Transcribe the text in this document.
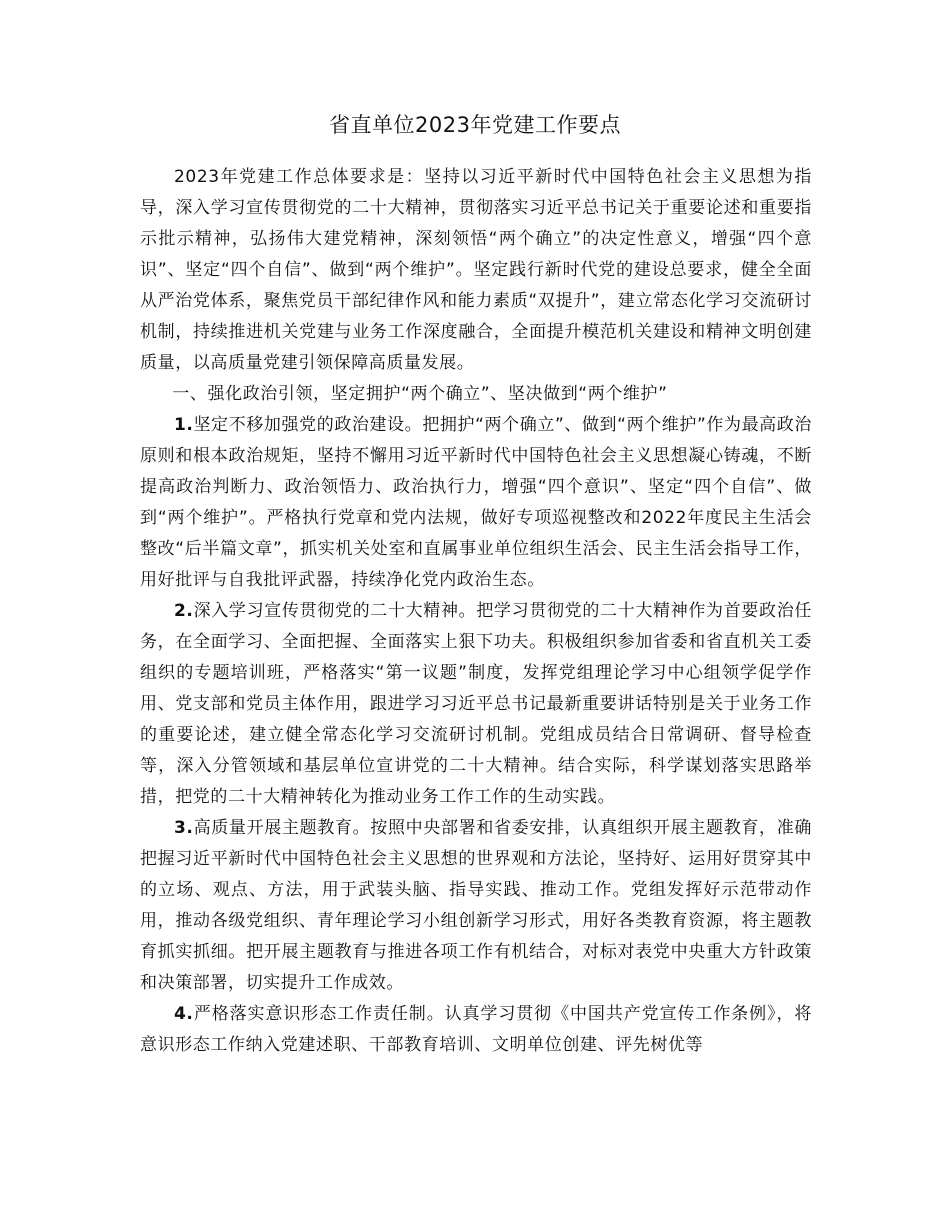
省直单位2023年党建工作要点

2023年党建工作总体要求是：坚持以习近平新时代中国特色社会主义思想为指导，深入学习宣传贯彻党的二十大精神，贯彻落实习近平总书记关于重要论述和重要指示批示精神，弘扬伟大建党精神，深刻领悟“两个确立”的决定性意义，增强“四个意识”、坚定“四个自信”、做到“两个维护”。坚定践行新时代党的建设总要求，健全全面从严治党体系，聚焦党员干部纪律作风和能力素质“双提升”，建立常态化学习交流研讨机制，持续推进机关党建与业务工作深度融合，全面提升模范机关建设和精神文明创建质量，以高质量党建引领保障高质量发展。

一、强化政治引领，坚定拥护“两个确立”、坚决做到“两个维护”

1.坚定不移加强党的政治建设。把拥护“两个确立”、做到“两个维护”作为最高政治原则和根本政治规矩，坚持不懈用习近平新时代中国特色社会主义思想凝心铸魂，不断提高政治判断力、政治领悟力、政治执行力，增强“四个意识”、坚定“四个自信”、做到“两个维护”。严格执行党章和党内法规，做好专项巡视整改和2022年度民主生活会整改“后半篇文章”，抓实机关处室和直属事业单位组织生活会、民主生活会指导工作，用好批评与自我批评武器，持续净化党内政治生态。

2.深入学习宣传贯彻党的二十大精神。把学习贯彻党的二十大精神作为首要政治任务，在全面学习、全面把握、全面落实上狠下功夫。积极组织参加省委和省直机关工委组织的专题培训班，严格落实“第一议题”制度，发挥党组理论学习中心组领学促学作用、党支部和党员主体作用，跟进学习习近平总书记最新重要讲话特别是关于业务工作的重要论述，建立健全常态化学习交流研讨机制。党组成员结合日常调研、督导检查等，深入分管领域和基层单位宣讲党的二十大精神。结合实际，科学谋划落实思路举措，把党的二十大精神转化为推动业务工作工作的生动实践。

3.高质量开展主题教育。按照中央部署和省委安排，认真组织开展主题教育，准确把握习近平新时代中国特色社会主义思想的世界观和方法论，坚持好、运用好贯穿其中的立场、观点、方法，用于武装头脑、指导实践、推动工作。党组发挥好示范带动作用，推动各级党组织、青年理论学习小组创新学习形式，用好各类教育资源，将主题教育抓实抓细。把开展主题教育与推进各项工作有机结合，对标对表党中央重大方针政策和决策部署，切实提升工作成效。

4.严格落实意识形态工作责任制。认真学习贯彻《中国共产党宣传工作条例》，将意识形态工作纳入党建述职、干部教育培训、文明单位创建、评先树优等
